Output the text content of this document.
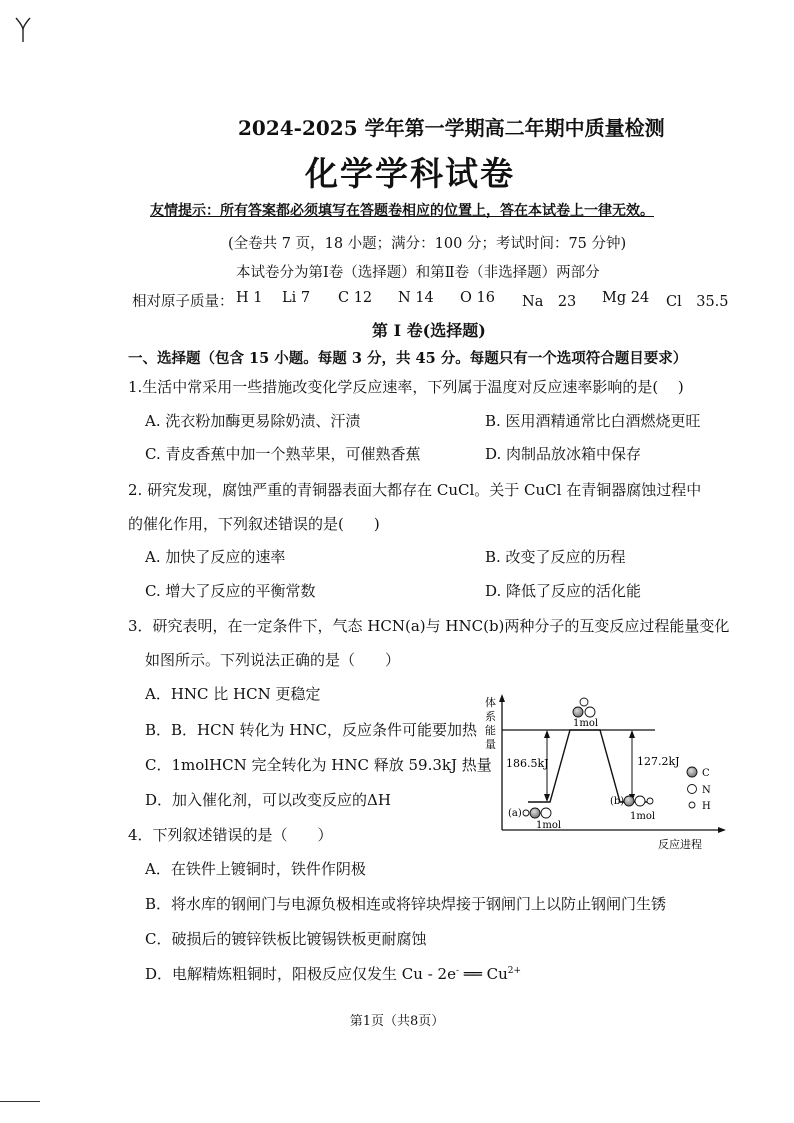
2024-2025 学年第一学期高二年期中质量检测
化学学科试卷
友情提示：所有答案都必须填写在答题卷相应的位置上，答在本试卷上一律无效。
(全卷共 7 页，18 小题；满分：100 分；考试时间：75 分钟)
本试卷分为第Ⅰ卷（选择题）和第Ⅱ卷（非选择题）两部分
相对原子质量： H 1 Li 7 C 12 N 14 O 16 Na　23 Mg 24 Cl　35.5
第 I 卷(选择题)
一、选择题（包含 15 小题。每题 3 分，共 45 分。每题只有一个选项符合题目要求）
1.生活中常采用一些措施改变化学反应速率，下列属于温度对反应速率影响的是(　 )
A. 洗衣粉加酶更易除奶渍、汗渍	B. 医用酒精通常比白酒燃烧更旺
C. 青皮香蕉中加一个熟苹果，可催熟香蕉	D. 肉制品放冰箱中保存
2. 研究发现，腐蚀严重的青铜器表面大都存在 CuCl。关于 CuCl 在青铜器腐蚀过程中
的催化作用，下列叙述错误的是(　　)
A. 加快了反应的速率	B. 改变了反应的历程
C. 增大了反应的平衡常数	D. 降低了反应的活化能
3．研究表明，在一定条件下，气态 HCN(a)与 HNC(b)两种分子的互变反应过程能量变化
如图所示。下列说法正确的是（　　）
A．HNC 比 HCN 更稳定
B．B．HCN 转化为 HNC，反应条件可能要加热
C．1molHCN 完全转化为 HNC 释放 59.3kJ 热量
D．加入催化剂，可以改变反应的ΔH
体
系
能
量
反应进程
186.5kJ	127.2kJ
1mol
(a)
1mol
(b)
1mol
C
N
H
4．下列叙述错误的是（　　）
A．在铁件上镀铜时，铁件作阴极
B．将水库的钢闸门与电源负极相连或将锌块焊接于钢闸门上以防止钢闸门生锈
C．破损后的镀锌铁板比镀锡铁板更耐腐蚀
D．电解精炼粗铜时，阳极反应仅发生 Cu - 2e- ══ $Cu^{2+}$
第1页（共8页）
